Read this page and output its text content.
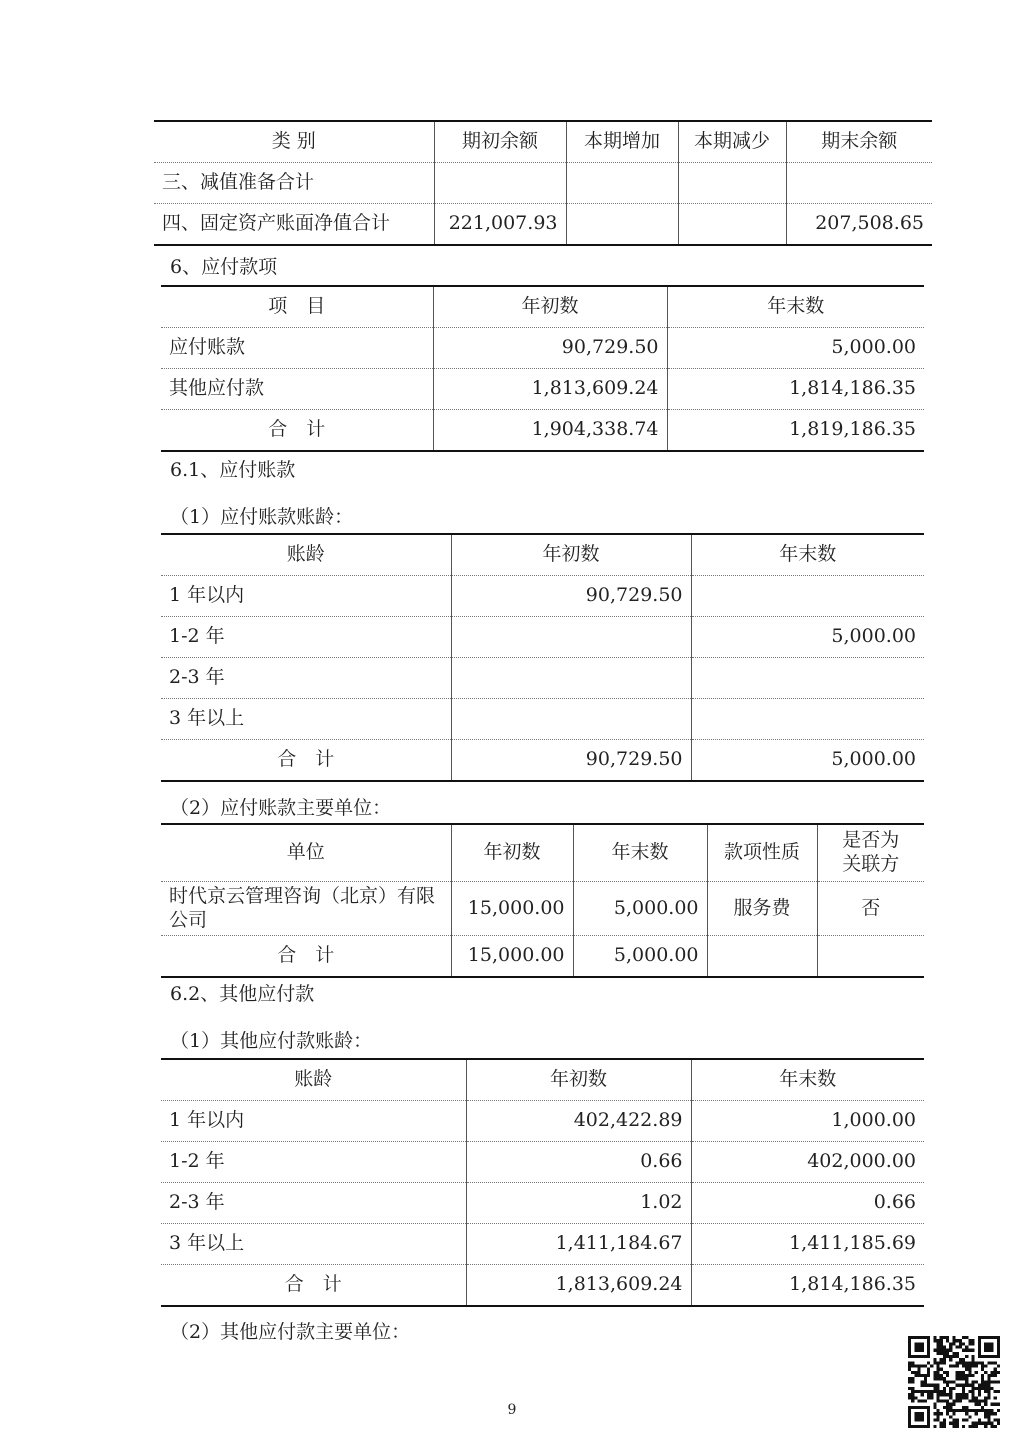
类 别	期初余额	本期增加	本期减少	期末余额
三、减值准备合计				
四、固定资产账面净值合计	221,007.93			207,508.65
6、应付款项
项　目	年初数	年末数
应付账款	90,729.50	5,000.00
其他应付款	1,813,609.24	1,814,186.35
合　计	1,904,338.74	1,819,186.35
6.1、应付账款
（1）应付账款账龄：
账龄	年初数	年末数
1 年以内	90,729.50	
1-2 年		5,000.00
2-3 年		
3 年以上		
合　计	90,729.50	5,000.00
（2）应付账款主要单位：
单位	年初数	年末数	款项性质	是否为关联方
时代京云管理咨询（北京）有限公司	15,000.00	5,000.00	服务费	否
合　计	15,000.00	5,000.00		
6.2、其他应付款
（1）其他应付款账龄：
账龄	年初数	年末数
1 年以内	402,422.89	1,000.00
1-2 年	0.66	402,000.00
2-3 年	1.02	0.66
3 年以上	1,411,184.67	1,411,185.69
合　计	1,813,609.24	1,814,186.35
（2）其他应付款主要单位：
9
